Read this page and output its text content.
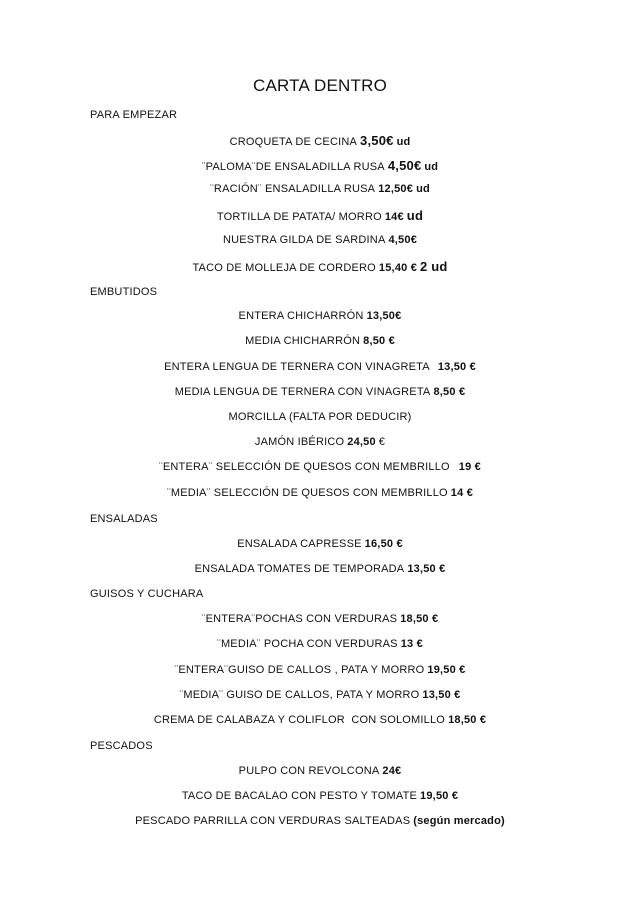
CARTA DENTRO
PARA EMPEZAR
CROQUETA DE CECINA 3,50€ ud
¨PALOMA¨DE ENSALADILLA RUSA 4,50€ ud
¨RACIÓN¨ ENSALADILLA RUSA 12,50€ ud
TORTILLA DE PATATA/ MORRO 14€ ud
NUESTRA GILDA DE SARDINA 4,50€
TACO DE MOLLEJA DE CORDERO 15,40 € 2 ud
EMBUTIDOS
ENTERA CHICHARRÓN 13,50€
MEDIA CHICHARRÓN 8,50 €
ENTERA LENGUA DE TERNERA CON VINAGRETA 13,50 €
MEDIA LENGUA DE TERNERA CON VINAGRETA 8,50 €
MORCILLA (FALTA POR DEDUCIR)
JAMÓN IBÉRICO 24,50 €
¨ENTERA¨ SELECCIÓN DE QUESOS CON MEMBRILLO 19 €
¨MEDIA¨ SELECCIÓN DE QUESOS CON MEMBRILLO 14 €
ENSALADAS
ENSALADA CAPRESSE 16,50 €
ENSALADA TOMATES DE TEMPORADA 13,50 €
GUISOS Y CUCHARA
¨ENTERA¨POCHAS CON VERDURAS 18,50 €
¨MEDIA¨ POCHA CON VERDURAS 13 €
¨ENTERA¨GUISO DE CALLOS , PATA Y MORRO 19,50 €
¨MEDIA¨ GUISO DE CALLOS, PATA Y MORRO 13,50 €
CREMA DE CALABAZA Y COLIFLOR  CON SOLOMILLO 18,50 €
PESCADOS
PULPO CON REVOLCONA 24€
TACO DE BACALAO CON PESTO Y TOMATE 19,50 €
PESCADO PARRILLA CON VERDURAS SALTEADAS (según mercado)
